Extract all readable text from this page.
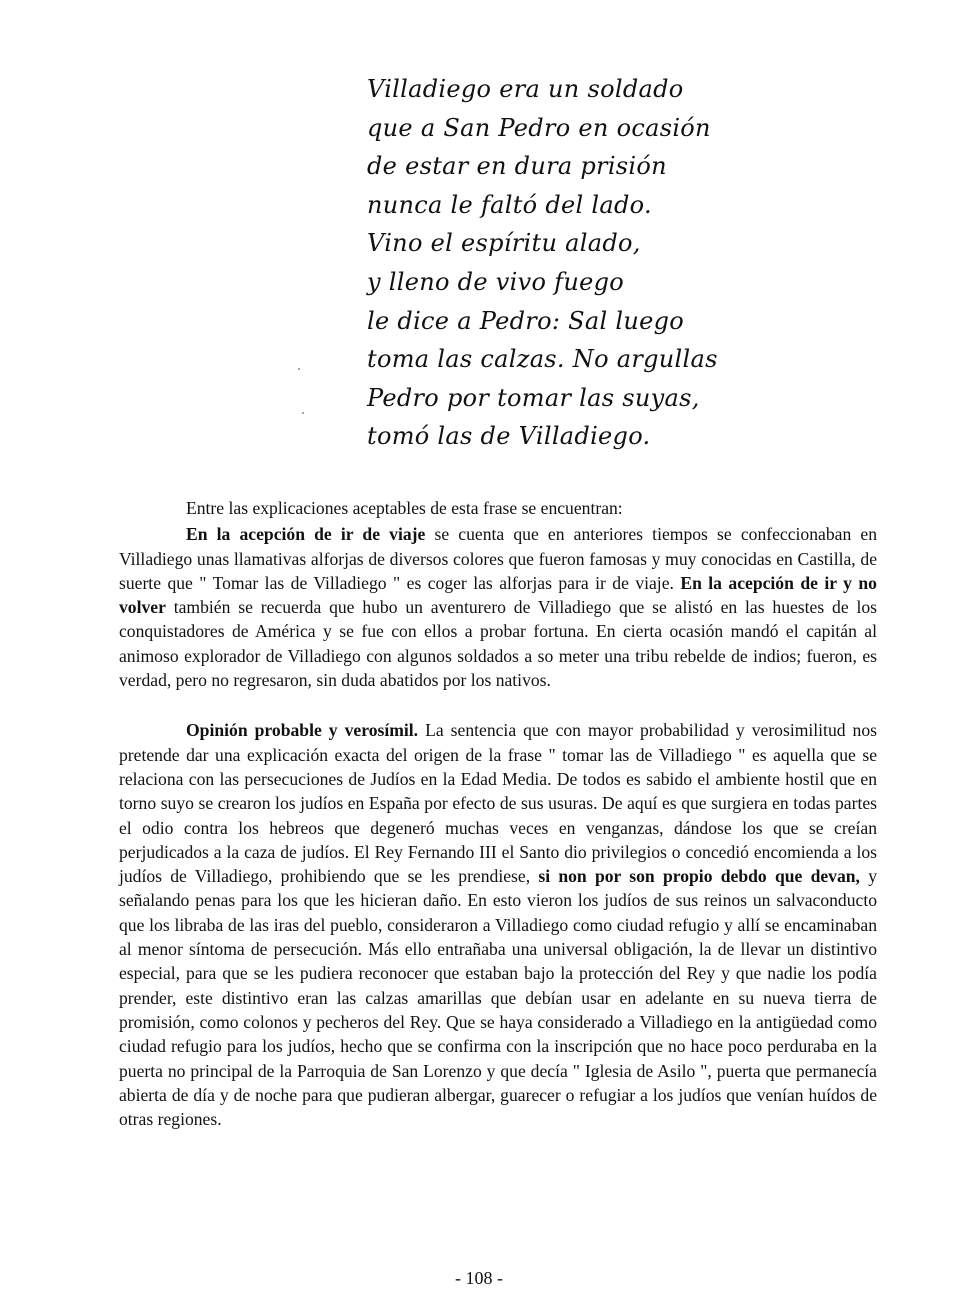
Villadiego era un soldado
que a San Pedro en ocasión
de estar en dura prisión
nunca le faltó del lado.
Vino el espíritu alado,
y lleno de vivo fuego
le dice a Pedro: Sal luego
toma las calzas. No argullas
Pedro por tomar las suyas,
tomó las de Villadiego.

Entre las explicaciones aceptables de esta frase se encuentran:

En la acepción de ir de viaje se cuenta que en anteriores tiempos se confeccionaban en Villadiego unas llamativas alforjas de diversos colores que fueron famosas y muy conocidas en Castilla, de suerte que " Tomar las de Villadiego " es coger las alforjas para ir de viaje. En la acepción de ir y no volver también se recuerda que hubo un aventurero de Villadiego que se alistó en las huestes de los conquistadores de América y se fue con ellos a probar fortuna. En cierta ocasión mandó el capitán al animoso explorador de Villadiego con algunos soldados a so meter una tribu rebelde de indios; fueron, es verdad, pero no regresaron, sin duda abatidos por los nativos.

Opinión probable y verosímil. La sentencia que con mayor probabilidad y verosimilitud nos pretende dar una explicación exacta del origen de la frase " tomar las de Villadiego " es aquella que se relaciona con las persecuciones de Judíos en la Edad Media. De todos es sabido el ambiente hostil que en torno suyo se crearon los judíos en España por efecto de sus usuras. De aquí es que surgiera en todas partes el odio contra los hebreos que degeneró muchas veces en venganzas, dándose los que se creían perjudicados a la caza de judíos. El Rey Fernando III el Santo dio privilegios o concedió encomienda a los judíos de Villadiego, prohibiendo que se les prendiese, si non por son propio debdo que devan, y señalando penas para los que les hicieran daño. En esto vieron los judíos de sus reinos un salvaconducto que los libraba de las iras del pueblo, consideraron a Villadiego como ciudad refugio y allí se encaminaban al menor síntoma de persecución. Más ello entrañaba una universal obligación, la de llevar un distintivo especial, para que se les pudiera reconocer que estaban bajo la protección del Rey y que nadie los podía prender, este distintivo eran las calzas amarillas que debían usar en adelante en su nueva tierra de promisión, como colonos y pecheros del Rey. Que se haya considerado a Villadiego en la antigüedad como ciudad refugio para los judíos, hecho que se confirma con la inscripción que no hace poco perduraba en la puerta no principal de la Parroquia de San Lorenzo y que decía " Iglesia de Asilo ", puerta que permanecía abierta de día y de noche para que pudieran albergar, guarecer o refugiar a los judíos que venían huídos de otras regiones.

- 108 -
